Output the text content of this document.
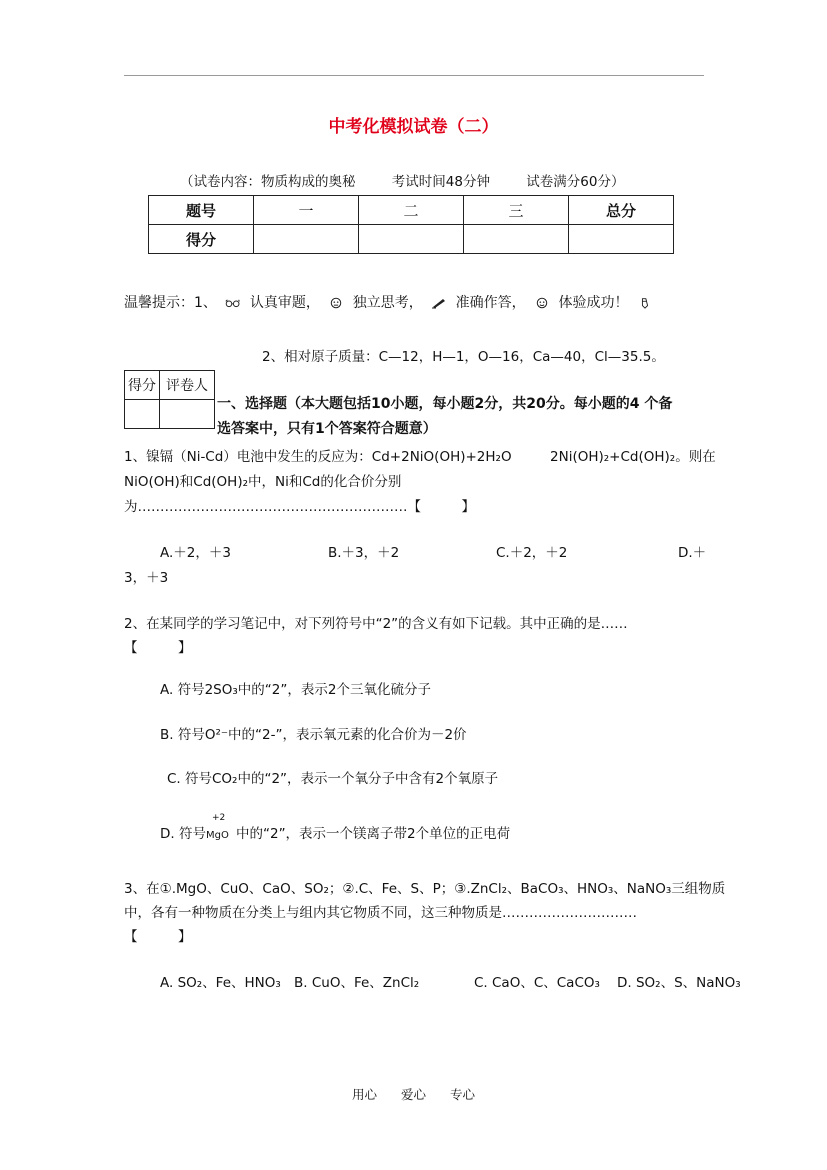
中考化模拟试卷（二）
（试卷内容：物质构成的奥秘	考试时间48分钟	试卷满分60分）
题号	一	二	三	总分
得分				
温馨提示：1、 认真审题， 独立思考， 准确作答， 体验成功！
2、相对原子质量：C—12，H—1，O—16，Ca—40，Cl—35.5。
得分	评卷人

一、选择题（本大题包括10小题，每小题2分，共20分。每小题的4 个备
选答案中，只有1个答案符合题意）
1、镍镉（Ni-Cd）电池中发生的反应为：Cd+2NiO(OH)+2H₂O	2Ni(OH)₂+Cd(OH)₂。则在
NiO(OH)和Cd(OH)₂中，Ni和Cd的化合价分别
为……………………………………………………【　　　】
A.＋2，＋3	B.＋3，＋2	C.＋2，＋2	D.＋
3，＋3
2、在某同学的学习笔记中，对下列符号中“2”的含义有如下记载。其中正确的是……
【　　　】
A. 符号2SO₃中的“2”，表示2个三氧化硫分子
B. 符号O²⁻中的“2-”，表示氧元素的化合价为－2价
C. 符号CO₂中的“2”，表示一个氧分子中含有2个氧原子
D. 符号
+2
MgO 中的“2”，表示一个镁离子带2个单位的正电荷
3、在①.MgO、CuO、CaO、SO₂；②.C、Fe、S、P；③.ZnCl₂、BaCO₃、HNO₃、NaNO₃三组物质
中，各有一种物质在分类上与组内其它物质不同，这三种物质是…………………………
【　　　】
A. SO₂、Fe、HNO₃ B. CuO、Fe、ZnCl₂	C. CaO、C、CaCO₃ D. SO₂、S、NaNO₃
用心 爱心 专心
